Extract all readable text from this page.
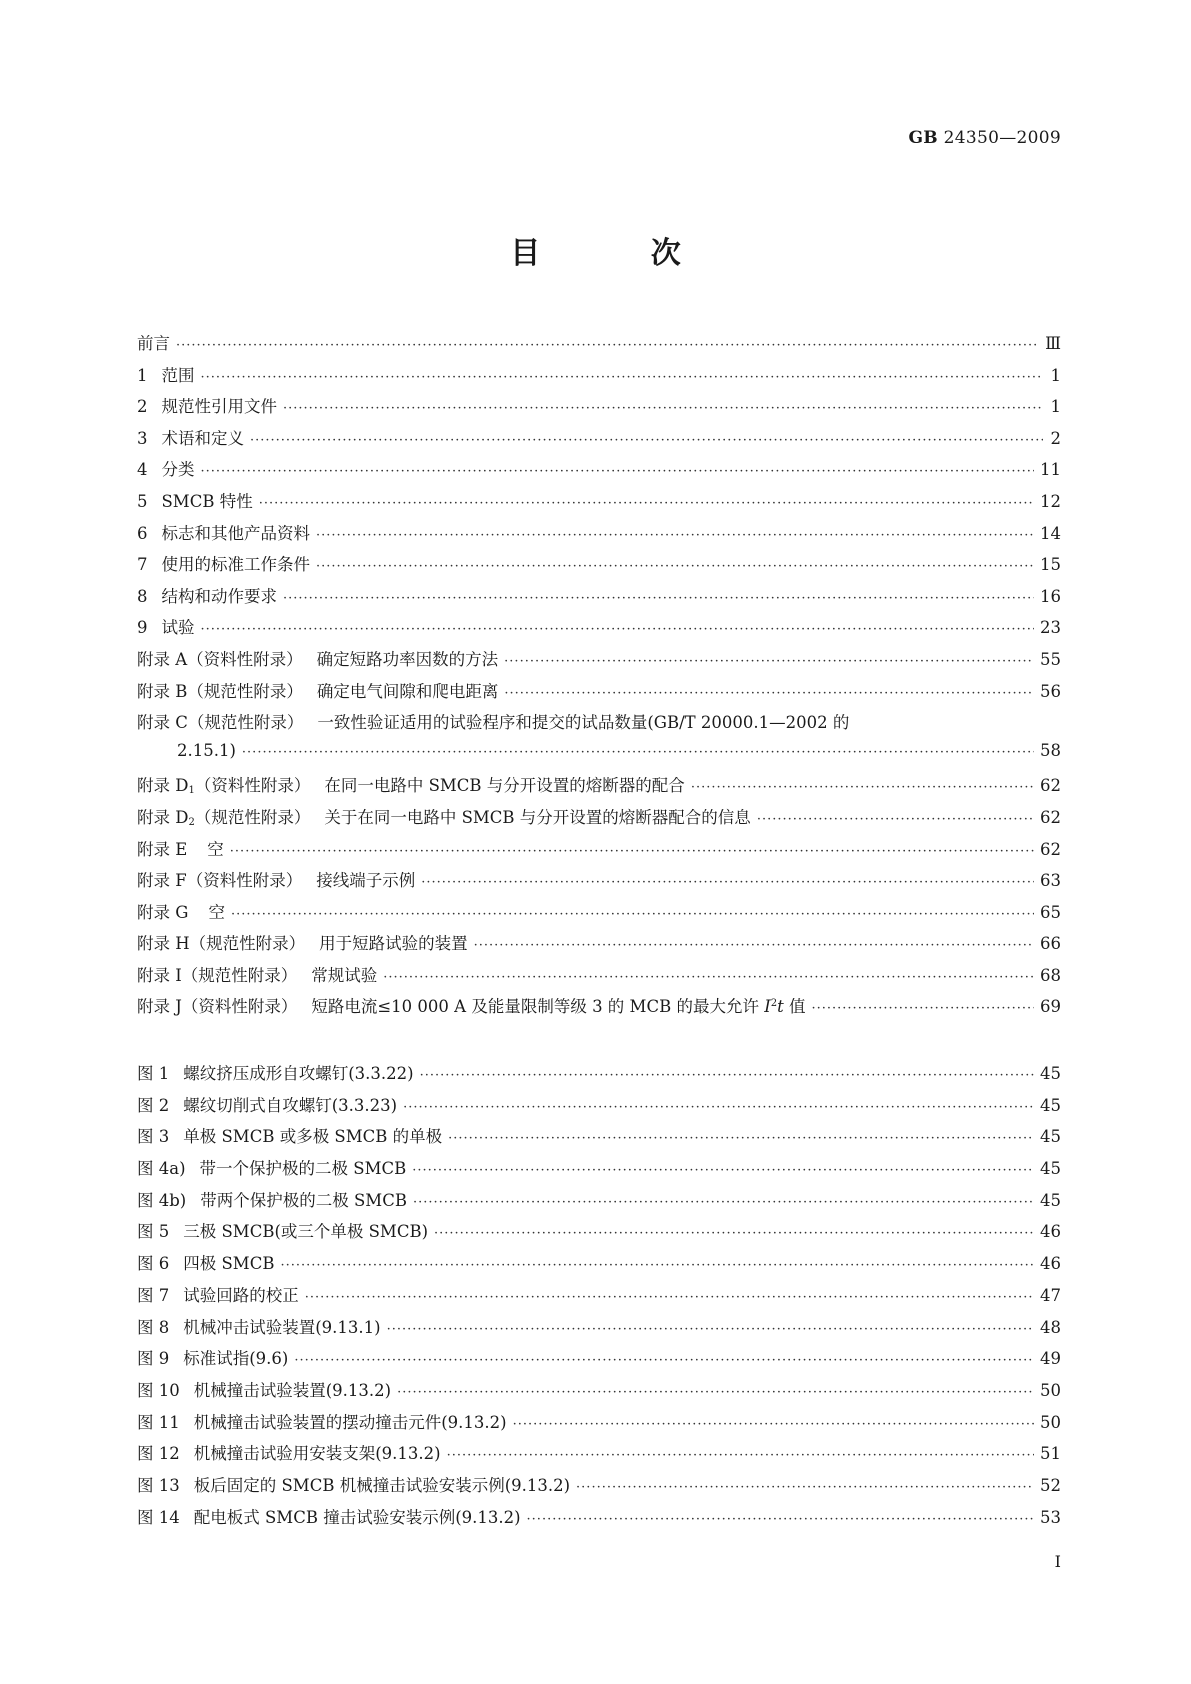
GB 24350—2009
目 次
前言 ·····	Ⅲ
1 范围 ·····	1
2 规范性引用文件 ·····	1
3 术语和定义 ·····	2
4 分类 ·····	11
5 SMCB 特性 ·····	12
6 标志和其他产品资料 ·····	14
7 使用的标准工作条件 ·····	15
8 结构和动作要求 ·····	16
9 试验 ·····	23
附录 A（资料性附录） 确定短路功率因数的方法 ·····	55
附录 B（规范性附录） 确定电气间隙和爬电距离 ·····	56
附录 C（规范性附录） 一致性验证适用的试验程序和提交的试品数量(GB/T 20000.1—2002 的
2.15.1) ·····	58
附录 $D_1$（资料性附录） 在同一电路中 SMCB 与分开设置的熔断器的配合 ·····	62
附录 $D_2$（规范性附录） 关于在同一电路中 SMCB 与分开设置的熔断器配合的信息 ·····	62
附录 E 空 ·····	62
附录 F（资料性附录） 接线端子示例 ·····	63
附录 G 空 ·····	65
附录 H（规范性附录） 用于短路试验的装置 ·····	66
附录 I（规范性附录） 常规试验 ·····	68
附录 J（资料性附录） 短路电流≤10 000 A 及能量限制等级 3 的 MCB 的最大允许 $I^2t$ 值 ·····	69
图 1 螺纹挤压成形自攻螺钉(3.3.22) ·····	45
图 2 螺纹切削式自攻螺钉(3.3.23) ·····	45
图 3 单极 SMCB 或多极 SMCB 的单极 ·····	45
图 4a) 带一个保护极的二极 SMCB ·····	45
图 4b) 带两个保护极的二极 SMCB ·····	45
图 5 三极 SMCB(或三个单极 SMCB) ·····	46
图 6 四极 SMCB ·····	46
图 7 试验回路的校正 ·····	47
图 8 机械冲击试验装置(9.13.1) ·····	48
图 9 标准试指(9.6) ·····	49
图 10 机械撞击试验装置(9.13.2) ·····	50
图 11 机械撞击试验装置的摆动撞击元件(9.13.2) ·····	50
图 12 机械撞击试验用安装支架(9.13.2) ·····	51
图 13 板后固定的 SMCB 机械撞击试验安装示例(9.13.2) ·····	52
图 14 配电板式 SMCB 撞击试验安装示例(9.13.2) ·····	53
I
